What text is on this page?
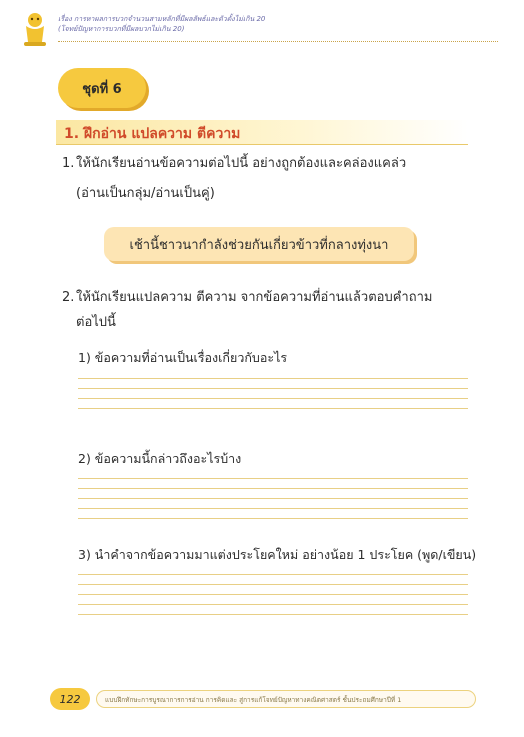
เรื่อง การหาผลการบวกจำนวนสามหลักที่มีผลลัพธ์และตัวตั้งไม่เกิน 20
(โจทย์ปัญหาการบวกที่มีผลบวกไม่เกิน 20)
ชุดที่ 6
1. ฝึกอ่าน แปลความ ตีความ
1. ให้นักเรียนอ่านข้อความต่อไปนี้ อย่างถูกต้องและคล่องแคล่ว
(อ่านเป็นกลุ่ม/อ่านเป็นคู่)
เช้านี้ชาวนากำลังช่วยกันเกี่ยวข้าวที่กลางทุ่งนา
2. ให้นักเรียนแปลความ ตีความ จากข้อความที่อ่านแล้วตอบคำถาม
ต่อไปนี้
1) ข้อความที่อ่านเป็นเรื่องเกี่ยวกับอะไร
2) ข้อความนี้กล่าวถึงอะไรบ้าง
3) นำคำจากข้อความมาแต่งประโยคใหม่ อย่างน้อย 1 ประโยค (พูด/เขียน)
122	แบบฝึกทักษะการบูรณาการการอ่าน การคิดและ สู่การแก้โจทย์ปัญหาทางคณิตศาสตร์ ชั้นประถมศึกษาปีที่ 1
